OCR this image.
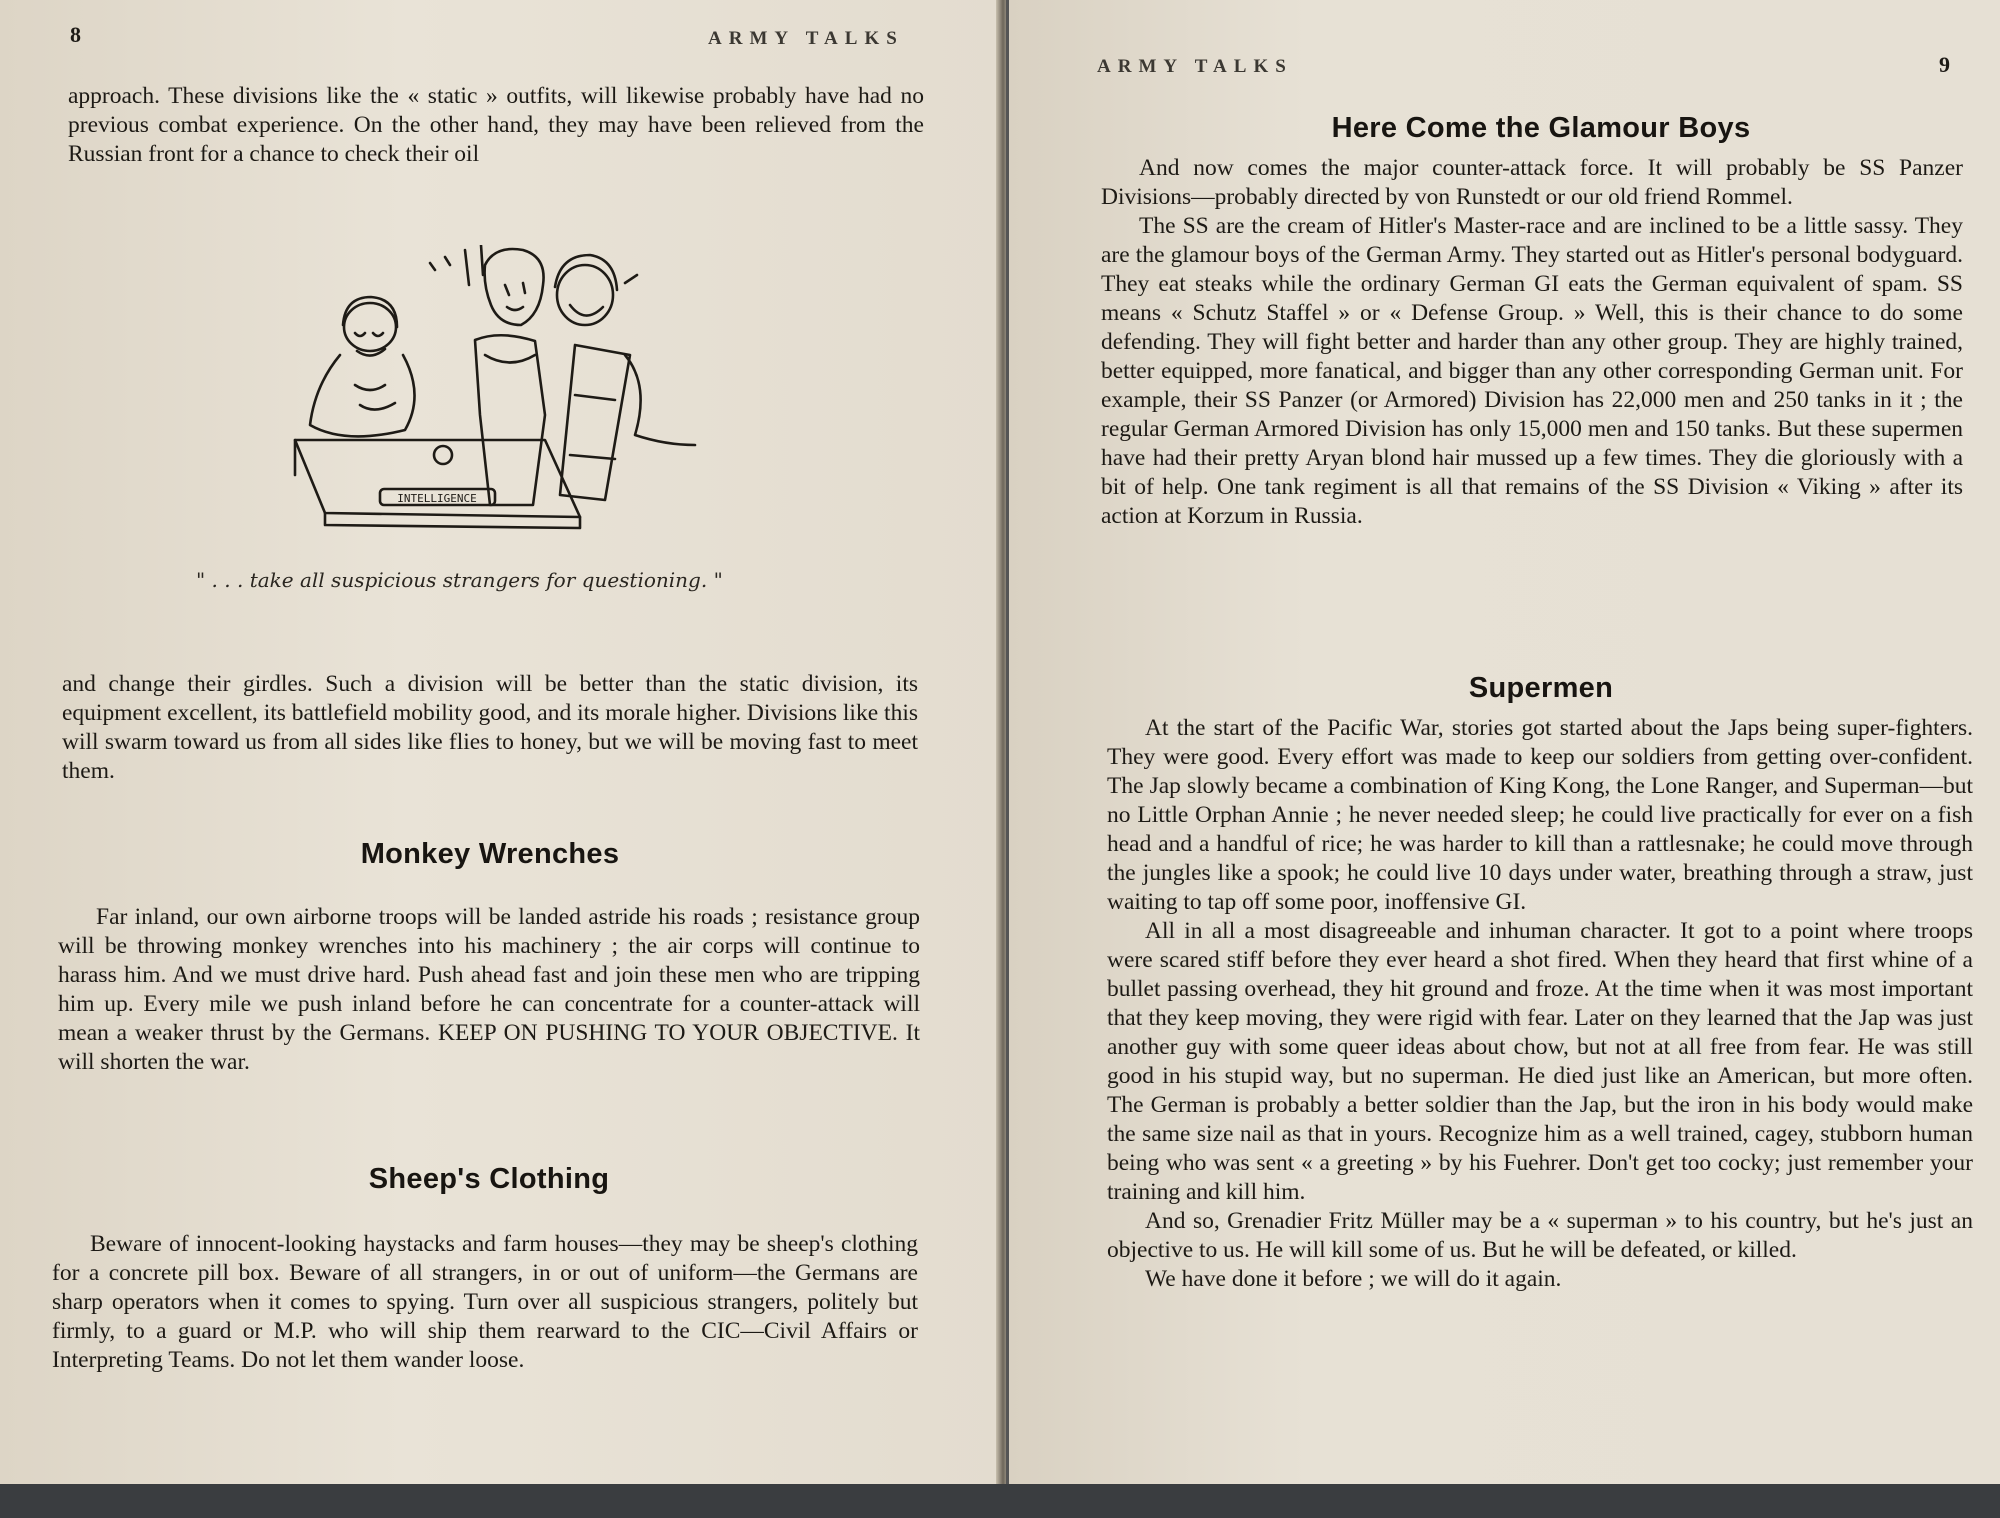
8	ARMY TALKS

approach. These divisions like the « static » outfits, will likewise probably have had no previous combat experience. On the other hand, they may have been relieved from the Russian front for a chance to check their oil

INTELLIGENCE
" . . . take all suspicious strangers for questioning. "

and change their girdles. Such a division will be better than the static division, its equipment excellent, its battlefield mobility good, and its morale higher. Divisions like this will swarm toward us from all sides like flies to honey, but we will be moving fast to meet them.

Monkey Wrenches

Far inland, our own airborne troops will be landed astride his roads ; resistance group will be throwing monkey wrenches into his machinery ; the air corps will continue to harass him. And we must drive hard. Push ahead fast and join these men who are tripping him up. Every mile we push inland before he can concentrate for a counter-attack will mean a weaker thrust by the Germans. KEEP ON PUSHING TO YOUR OBJECTIVE. It will shorten the war.

Sheep's Clothing

Beware of innocent-looking haystacks and farm houses—they may be sheep's clothing for a concrete pill box. Beware of all strangers, in or out of uniform—the Germans are sharp operators when it comes to spying. Turn over all suspicious strangers, politely but firmly, to a guard or M.P. who will ship them rearward to the CIC—Civil Affairs or Interpreting Teams. Do not let them wander loose.

ARMY TALKS	9
Here Come the Glamour Boys

And now comes the major counter-attack force. It will probably be SS Panzer Divisions—probably directed by von Runstedt or our old friend Rommel.

The SS are the cream of Hitler's Master-race and are inclined to be a little sassy. They are the glamour boys of the German Army. They started out as Hitler's personal bodyguard. They eat steaks while the ordinary German GI eats the German equivalent of spam. SS means « Schutz Staffel » or « Defense Group. » Well, this is their chance to do some defending. They will fight better and harder than any other group. They are highly trained, better equipped, more fanatical, and bigger than any other corresponding German unit. For example, their SS Panzer (or Armored) Division has 22,000 men and 250 tanks in it ; the regular German Armored Division has only 15,000 men and 150 tanks. But these supermen have had their pretty Aryan blond hair mussed up a few times. They die gloriously with a bit of help. One tank regiment is all that remains of the SS Division « Viking » after its action at Korzum in Russia.

Supermen

At the start of the Pacific War, stories got started about the Japs being super-fighters. They were good. Every effort was made to keep our soldiers from getting over-confident. The Jap slowly became a combination of King Kong, the Lone Ranger, and Superman—but no Little Orphan Annie ; he never needed sleep; he could live practically for ever on a fish head and a handful of rice; he was harder to kill than a rattlesnake; he could move through the jungles like a spook; he could live 10 days under water, breathing through a straw, just waiting to tap off some poor, inoffensive GI.

All in all a most disagreeable and inhuman character. It got to a point where troops were scared stiff before they ever heard a shot fired. When they heard that first whine of a bullet passing overhead, they hit ground and froze. At the time when it was most important that they keep moving, they were rigid with fear. Later on they learned that the Jap was just another guy with some queer ideas about chow, but not at all free from fear. He was still good in his stupid way, but no superman. He died just like an American, but more often. The German is probably a better soldier than the Jap, but the iron in his body would make the same size nail as that in yours. Recognize him as a well trained, cagey, stubborn human being who was sent « a greeting » by his Fuehrer. Don't get too cocky; just remember your training and kill him.

And so, Grenadier Fritz Müller may be a « superman » to his country, but he's just an objective to us. He will kill some of us. But he will be defeated, or killed.

We have done it before ; we will do it again.
